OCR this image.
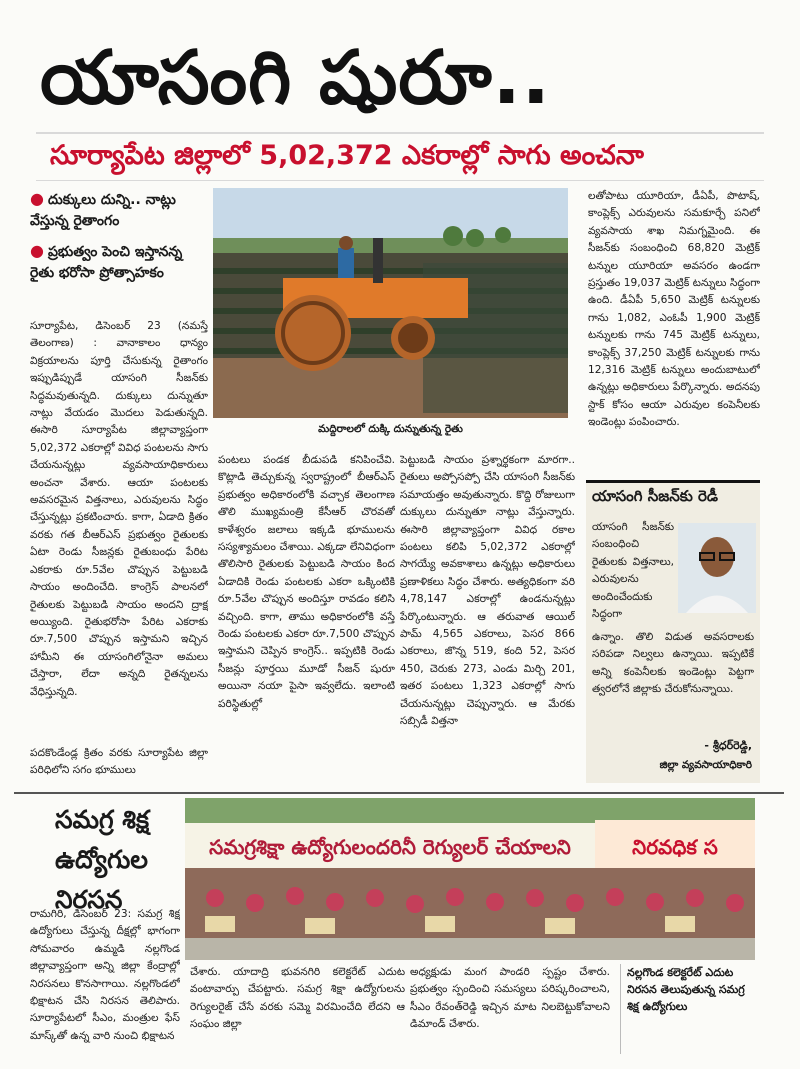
యాసంగి షురూ..
సూర్యాపేట జిల్లాలో 5,02,372 ఎకరాల్లో సాగు అంచనా
● దుక్కులు దున్ని.. నాట్లు వేస్తున్న రైతాంగం
● ప్రభుత్వం పెంచి ఇస్తానన్న రైతు భరోసా ప్రోత్సాహకం

సూర్యాపేట, డిసెంబర్ 23 (నమస్తే తెలంగాణ) : వానాకాలం ధాన్యం విక్రయాలను పూర్తి చేసుకున్న రైతాంగం ఇప్పుడిప్పుడే యాసంగి సీజన్‌కు సిద్ధమవుతున్నది. దుక్కులు దున్నుతూ నాట్లు వేయడం మొదలు పెడుతున్నది. ఈసారి సూర్యాపేట జిల్లావ్యాప్తంగా 5,02,372 ఎకరాల్లో వివిధ పంటలను సాగు చేయనున్నట్లు వ్యవసాయాధికారులు అంచనా వేశారు. ఆయా పంటలకు అవసరమైన విత్తనాలు, ఎరువులను సిద్ధం చేస్తున్నట్లు ప్రకటించారు. కాగా, ఏడాది క్రితం వరకు గత బీఆర్‌ఎస్ ప్రభుత్వం రైతులకు ఏటా రెండు సీజన్లకు రైతుబంధు పేరిట ఎకరాకు రూ.5వేల చొప్పున పెట్టుబడి సాయం అందించేది. కాంగ్రెస్ పాలనలో రైతులకు పెట్టుబడి సాయం అందని ద్రాక్ష అయ్యింది. రైతుభరోసా పేరిట ఎకరాకు రూ.7,500 చొప్పున ఇస్తామని ఇచ్చిన హామీని ఈ యాసంగిలోనైనా అమలు చేస్తారా, లేదా అన్నది రైతన్నలను వేధిస్తున్నది.

పదకొండేండ్ల క్రితం వరకు సూర్యాపేట జిల్లా పరిధిలోని సగం భూములు

మద్దిరాలలో దుక్కి దున్నుతున్న రైతు

పంటలు పండక బీడుపడి కనిపించేవి. కొట్లాడి తెచ్చుకున్న స్వరాష్ట్రంలో బీఆర్‌ఎస్ ప్రభుత్వం అధికారంలోకి వచ్చాక తెలంగాణ తొలి ముఖ్యమంత్రి కేసీఆర్ చొరవతో కాళేశ్వరం జలాలు ఇక్కడి భూములను సస్యశ్యామలం చేశాయి. ఎక్కడా లేనివిధంగా తొలిసారి రైతులకు పెట్టుబడి సాయం కింద ఏడాదికి రెండు పంటలకు ఎకరా ఒక్కింటికి రూ.5వేల చొప్పున అందిస్తూ రావడం కలిసి వచ్చింది. కాగా, తాము అధికారంలోకి వస్తే రెండు పంటలకు ఎకరా రూ.7,500 చొప్పున ఇస్తామని చెప్పిన కాంగ్రెస్.. ఇప్పటికి రెండు సీజన్లు పూర్తయి మూడో సీజన్ షురూ అయినా నయా పైసా ఇవ్వలేదు. ఇలాంటి పరిస్థితుల్లో

పెట్టుబడి సాయం ప్రశ్నార్థకంగా మారగా.. రైతులు అప్పోసప్పో చేసి యాసంగి సీజన్‌కు సమాయత్తం అవుతున్నారు. కొద్ది రోజులుగా దుక్కులు దున్నుతూ నాట్లు వేస్తున్నారు. ఈసారి జిల్లావ్యాప్తంగా వివిధ రకాల పంటలు కలిపి 5,02,372 ఎకరాల్లో సాగయ్యే అవకాశాలు ఉన్నట్లు అధికారులు ప్రణాళికలు సిద్ధం చేశారు. అత్యధికంగా వరి 4,78,147 ఎకరాల్లో ఉండనున్నట్లు పేర్కొంటున్నారు. ఆ తరువాత ఆయిల్ పామ్ 4,565 ఎకరాలు, పెసర 866 ఎకరాలు, జొన్న 519, కంది 52, పెసర 450, చెరుకు 273, ఎండు మిర్చి 201, ఇతర పంటలు 1,323 ఎకరాల్లో సాగు చేయనున్నట్లు చెప్పున్నారు. ఆ మేరకు సబ్సిడీ విత్తనా

లతోపాటు యూరియా, డీఏపీ, పొటాష్, కాంప్లెక్స్ ఎరువులను సమకూర్చే పనిలో వ్యవసాయ శాఖ నిమగ్నమైంది. ఈ సీజన్‌కు సంబంధించి 68,820 మెట్రిక్ టన్నుల యూరియా అవసరం ఉండగా ప్రస్తుతం 19,037 మెట్రిక్ టన్నులు సిద్ధంగా ఉంది. డీఏపీ 5,650 మెట్రిక్ టన్నులకు గాను 1,082, ఎంఓపీ 1,900 మెట్రిక్ టన్నులకు గాను 745 మెట్రిక్ టన్నులు, కాంప్లెక్స్ 37,250 మెట్రిక్ టన్నులకు గాను 12,316 మెట్రిక్ టన్నులు అందుబాటులో ఉన్నట్లు అధికారులు పేర్కొన్నారు. అదనపు స్టాక్ కోసం ఆయా ఎరువుల కంపెనీలకు ఇండెంట్లు పంపించారు.

యాసంగి సీజన్‌కు రెడీ

యాసంగి సీజన్‌కు సంబంధించి రైతులకు విత్తనాలు, ఎరువులను అందించేందుకు సిద్ధంగా

ఉన్నాం. తొలి విడుత అవసరాలకు సరిపడా నిల్వలు ఉన్నాయి. ఇప్పటికే అన్ని కంపెనీలకు ఇండెంట్లు పెట్టగా త్వరలోనే జిల్లాకు చేరుకోనున్నాయి.

- శ్రీధర్‌రెడ్డి,
జిల్లా వ్యవసాయాధికారి
సమగ్ర శిక్ష ఉద్యోగుల నిరసన
సమగ్రశిక్షా ఉద్యోగులందరినీ రెగ్యులర్ చేయాలని	నిరవధిక స

రామగిరి, డిసెంబర్ 23: సమగ్ర శిక్ష ఉద్యోగులు చేస్తున్న దీక్షల్లో భాగంగా సోమవారం ఉమ్మడి నల్లగొండ జిల్లావ్యాప్తంగా అన్ని జిల్లా కేంద్రాల్లో నిరసనలు కొనసాగాయి. నల్లగొండలో భిక్షాటన చేసి నిరసన తెలిపారు. సూర్యాపేటలో సీఎం, మంత్రుల ఫేస్ మాస్క్‌తో ఉన్న వారి నుంచి భిక్షాటన

చేశారు. యాదాద్రి భువనగిరి కలెక్టరేట్ ఎదుట వంటావార్పు చేపట్టారు. సమగ్ర శిక్షా ఉద్యోగులను రెగ్యులరైజ్ చేసే వరకు సమ్మె విరమించేది లేదని ఆ సంఘం జిల్లా

అధ్యక్షుడు మంగ పాండరి స్పష్టం చేశారు. ప్రభుత్వం స్పందించి సమస్యలు పరిష్కరించాలని, సీఎం రేవంత్‌రెడ్డి ఇచ్చిన మాట నిలబెట్టుకోవాలని డిమాండ్ చేశారు.

నల్లగొండ కలెక్టరేట్ ఎదుట నిరసన తెలుపుతున్న సమగ్ర శిక్ష ఉద్యోగులు
